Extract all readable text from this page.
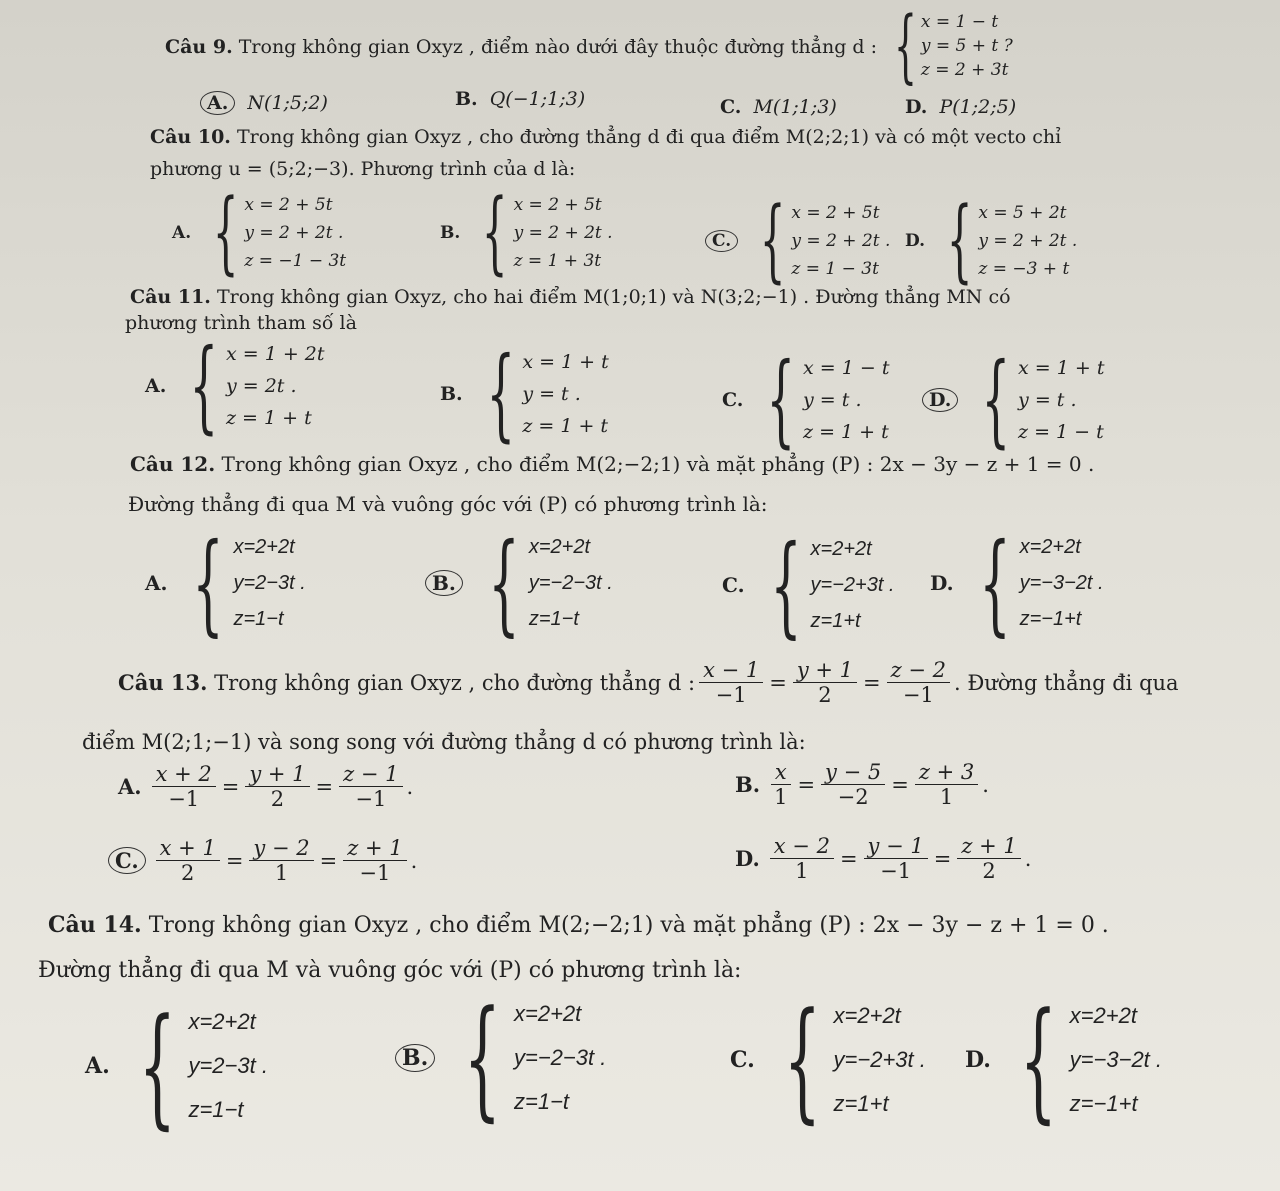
Câu 9. Trong không gian Oxyz , điểm nào dưới đây thuộc đường thẳng d : { x = 1 − t
y = 5 + t ?
z = 2 + 3t
A. N(1;5;2)	B. Q(−1;1;3)	C. M(1;1;3)	D. P(1;2;5)
Câu 10. Trong không gian Oxyz , cho đường thẳng d đi qua điểm M(2;2;1) và có một vecto chỉ
phương u = (5;2;−3). Phương trình của d là:
A. { x = 2 + 5t
y = 2 + 2t .
z = −1 − 3t
B. { x = 2 + 5t
y = 2 + 2t .
z = 1 + 3t
C. { x = 2 + 5t
y = 2 + 2t .
z = 1 − 3t
D. { x = 5 + 2t
y = 2 + 2t .
z = −3 + t
Câu 11. Trong không gian Oxyz, cho hai điểm M(1;0;1) và N(3;2;−1) . Đường thẳng MN có
phương trình tham số là
A. { x = 1 + 2t
y = 2t .
z = 1 + t
B. { x = 1 + t
y = t .
z = 1 + t
C. { x = 1 − t
y = t .
z = 1 + t
D. { x = 1 + t
y = t .
z = 1 − t
Câu 12. Trong không gian Oxyz , cho điểm M(2;−2;1) và mặt phẳng (P) : 2x − 3y − z + 1 = 0 .
Đường thẳng đi qua M và vuông góc với (P) có phương trình là:
A. { x=2+2t
y=2−3t .
z=1−t
B. { x=2+2t
y=−2−3t .
z=1−t
C. { x=2+2t
y=−2+3t .
z=1+t
D. { x=2+2t
y=−3−2t .
z=−1+t
Câu 13.
Trong không gian Oxyz , cho đường thẳng d : $\frac{x - 1}{-1} = \frac{y + 1}{2} = \frac{z - 2}{-1}$ . Đường thẳng đi qua
điểm M(2;1;−1) và song song với đường thẳng d có phương trình là:
A. $\frac{x + 2}{-1} = \frac{y + 1}{2} = \frac{z - 1}{-1}$ .	B. $\frac{x}{1} = \frac{y - 5}{-2} = \frac{z + 3}{1}$ .
C. $\frac{x + 1}{2} = \frac{y - 2}{1} = \frac{z + 1}{-1}$ .	D. $\frac{x - 2}{1} = \frac{y - 1}{-1} = \frac{z + 1}{2}$ .
Câu 14. Trong không gian Oxyz , cho điểm M(2;−2;1) và mặt phẳng (P) : 2x − 3y − z + 1 = 0 .
Đường thẳng đi qua M và vuông góc với (P) có phương trình là:
A. { x=2+2t
y=2−3t .
z=1−t
B. { x=2+2t
y=−2−3t .
z=1−t
C. { x=2+2t
y=−2+3t .
z=1+t
D. { x=2+2t
y=−3−2t .
z=−1+t
